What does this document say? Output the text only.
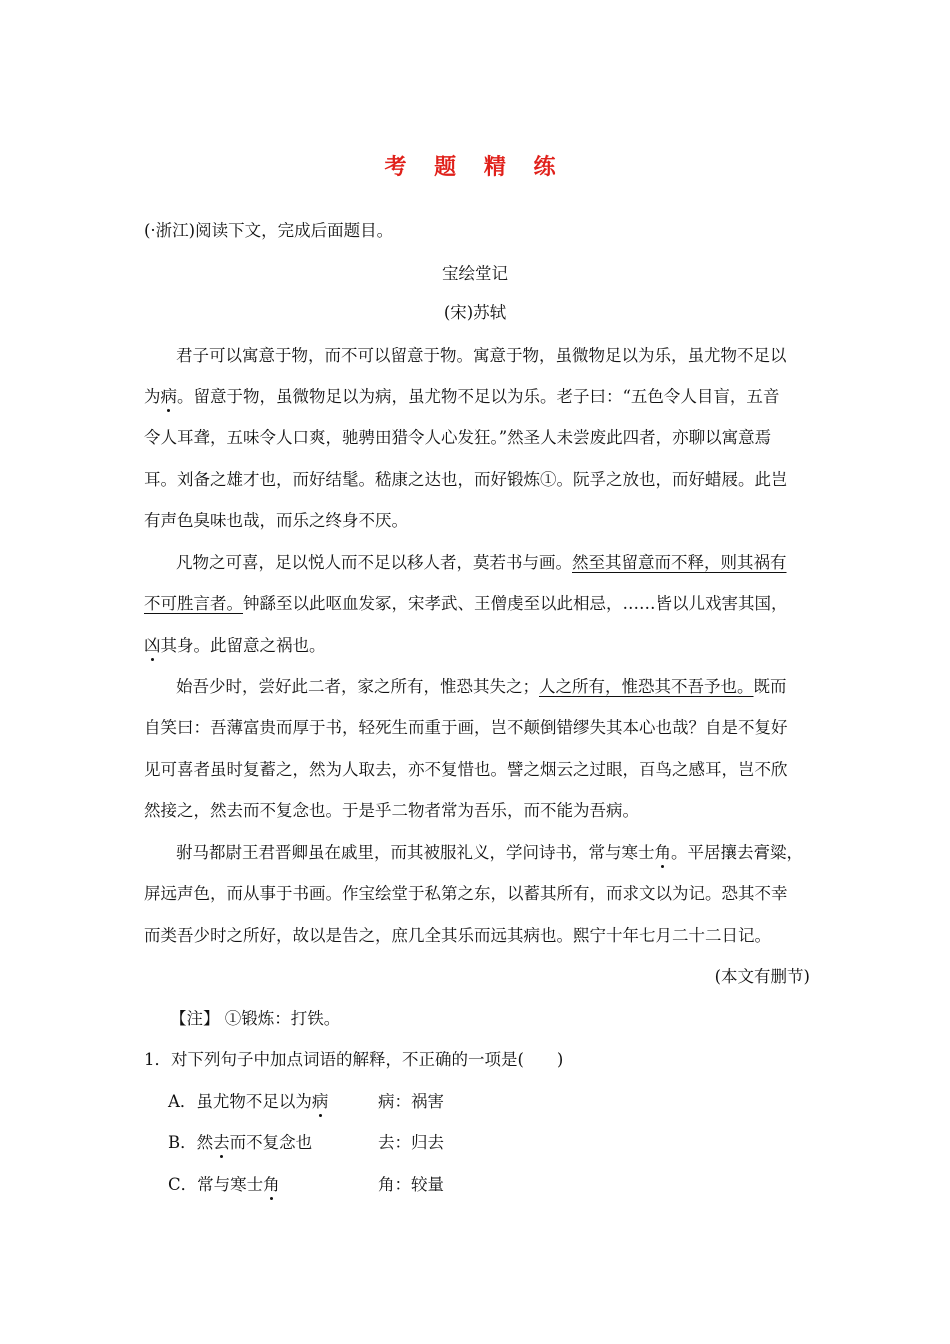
考 题 精 练
(·浙江)阅读下文，完成后面题目。
宝绘堂记
(宋)苏轼
君子可以寓意于物，而不可以留意于物。寓意于物，虽微物足以为乐，虽尤物不足以
为病。留意于物，虽微物足以为病，虽尤物不足以为乐。老子曰：“五色令人目盲，五音
令人耳聋，五味令人口爽，驰骋田猎令人心发狂。”然圣人未尝废此四者，亦聊以寓意焉
耳。刘备之雄才也，而好结髦。嵇康之达也，而好锻炼①。阮孚之放也，而好蜡屐。此岂
有声色臭味也哉，而乐之终身不厌。
凡物之可喜，足以悦人而不足以移人者，莫若书与画。然至其留意而不释，则其祸有
不可胜言者。钟繇至以此呕血发冢，宋孝武、王僧虔至以此相忌，……皆以儿戏害其国，
凶其身。此留意之祸也。
始吾少时，尝好此二者，家之所有，惟恐其失之；人之所有，惟恐其不吾予也。既而
自笑曰：吾薄富贵而厚于书，轻死生而重于画，岂不颠倒错缪失其本心也哉？自是不复好
见可喜者虽时复蓄之，然为人取去，亦不复惜也。譬之烟云之过眼，百鸟之感耳，岂不欣
然接之，然去而不复念也。于是乎二物者常为吾乐，而不能为吾病。
驸马都尉王君晋卿虽在戚里，而其被服礼义，学问诗书，常与寒士角。平居攘去膏粱，
屏远声色，而从事于书画。作宝绘堂于私第之东，以蓄其所有，而求文以为记。恐其不幸
而类吾少时之所好，故以是告之，庶几全其乐而远其病也。熙宁十年七月二十二日记。
(本文有删节)
【注】 ①锻炼：打铁。
1．对下列句子中加点词语的解释，不正确的一项是(　　)
A．虽尤物不足以为病	病：祸害
B．然去而不复念也	去：归去
C．常与寒士角	角：较量
